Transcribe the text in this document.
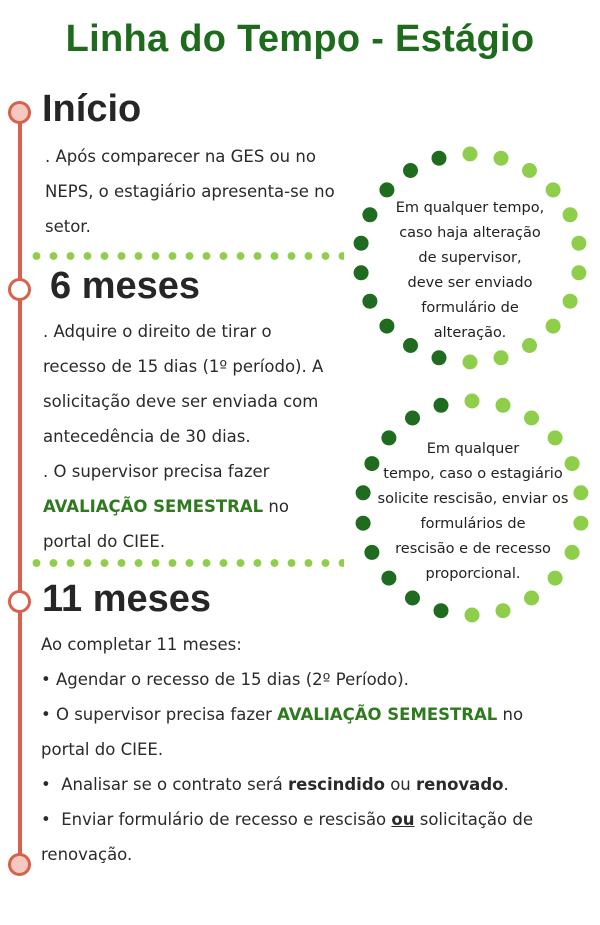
Linha do Tempo - Estágio
Início

. Após comparecer na GES ou no

NEPS, o estagiário apresenta-se no

setor.

6 meses

. Adquire o direito de tirar o

recesso de 15 dias (1º período). A

solicitação deve ser enviada com

antecedência de 30 dias.

. O supervisor precisa fazer

AVALIAÇÃO SEMESTRAL no

portal do CIEE.

11 meses

Ao completar 11 meses:

• Agendar o recesso de 15 dias (2º Período).

• O supervisor precisa fazer AVALIAÇÃO SEMESTRAL no

portal do CIEE.

•  Analisar se o contrato será rescindido ou renovado.

•  Enviar formulário de recesso e rescisão ou solicitação de

renovação.

Em qualquer tempo,
caso haja alteração
de supervisor,
deve ser enviado
formulário de
alteração.
Em qualquer
tempo, caso o estagiário
solicite rescisão, enviar os
formulários de
rescisão e de recesso
proporcional.
